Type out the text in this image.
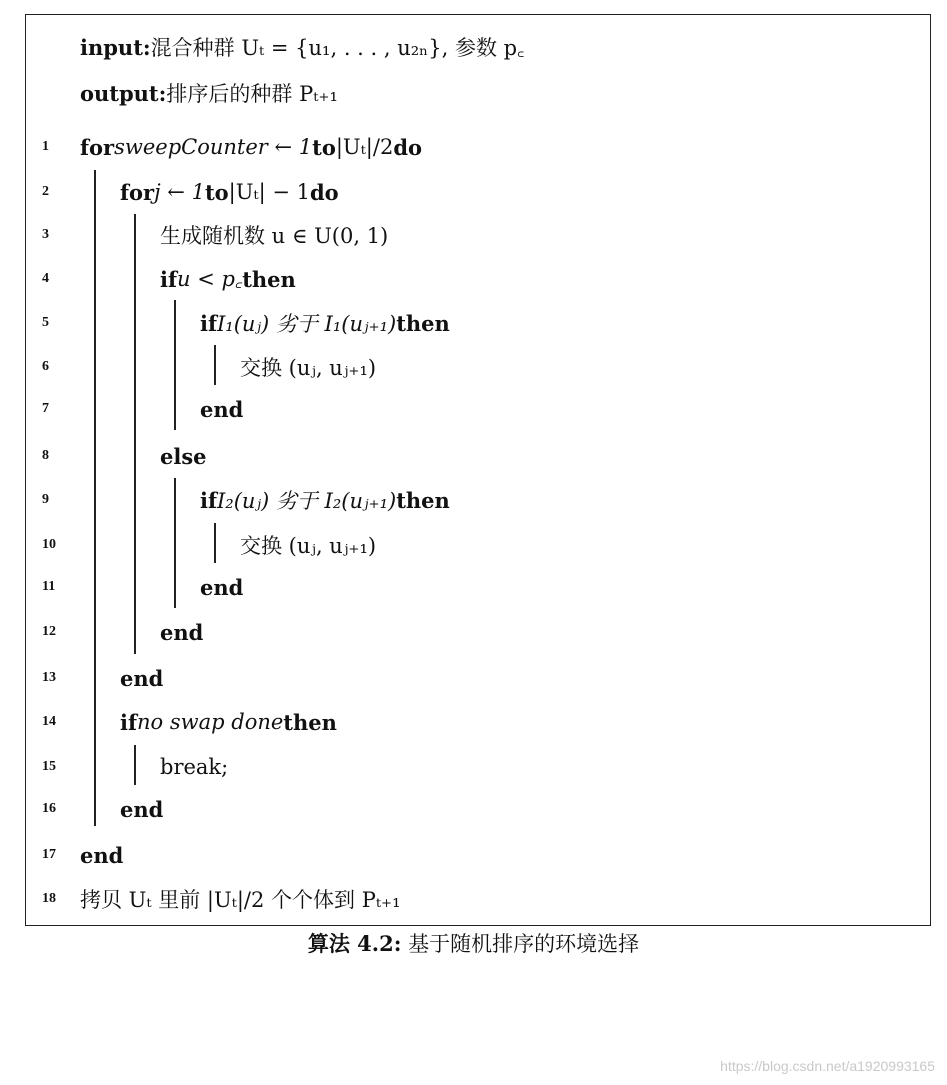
input : 混合种群 Uₜ = {u₁, . . . , u₂ₙ}, 参数 p꜀
output: 排序后的种群 Pₜ₊₁
1	for sweepCounter ← 1 to |Uₜ|/2 do
2	for j ← 1 to |Uₜ| − 1 do
3	生成随机数 u ∈ U(0, 1)
4	if u < p꜀ then
5	if I₁(uⱼ) 劣于 I₁(uⱼ₊₁) then
6	交换 (uⱼ, uⱼ₊₁)
7	end
8	else
9	if I₂(uⱼ) 劣于 I₂(uⱼ₊₁) then
10	交换 (uⱼ, uⱼ₊₁)
11	end
12	end
13	end
14	if no swap done then
15	break;
16	end
17	end
18	拷贝 Uₜ 里前 |Uₜ|/2 个个体到 Pₜ₊₁
算法 4.2: 基于随机排序的环境选择
https://blog.csdn.net/a1920993165
